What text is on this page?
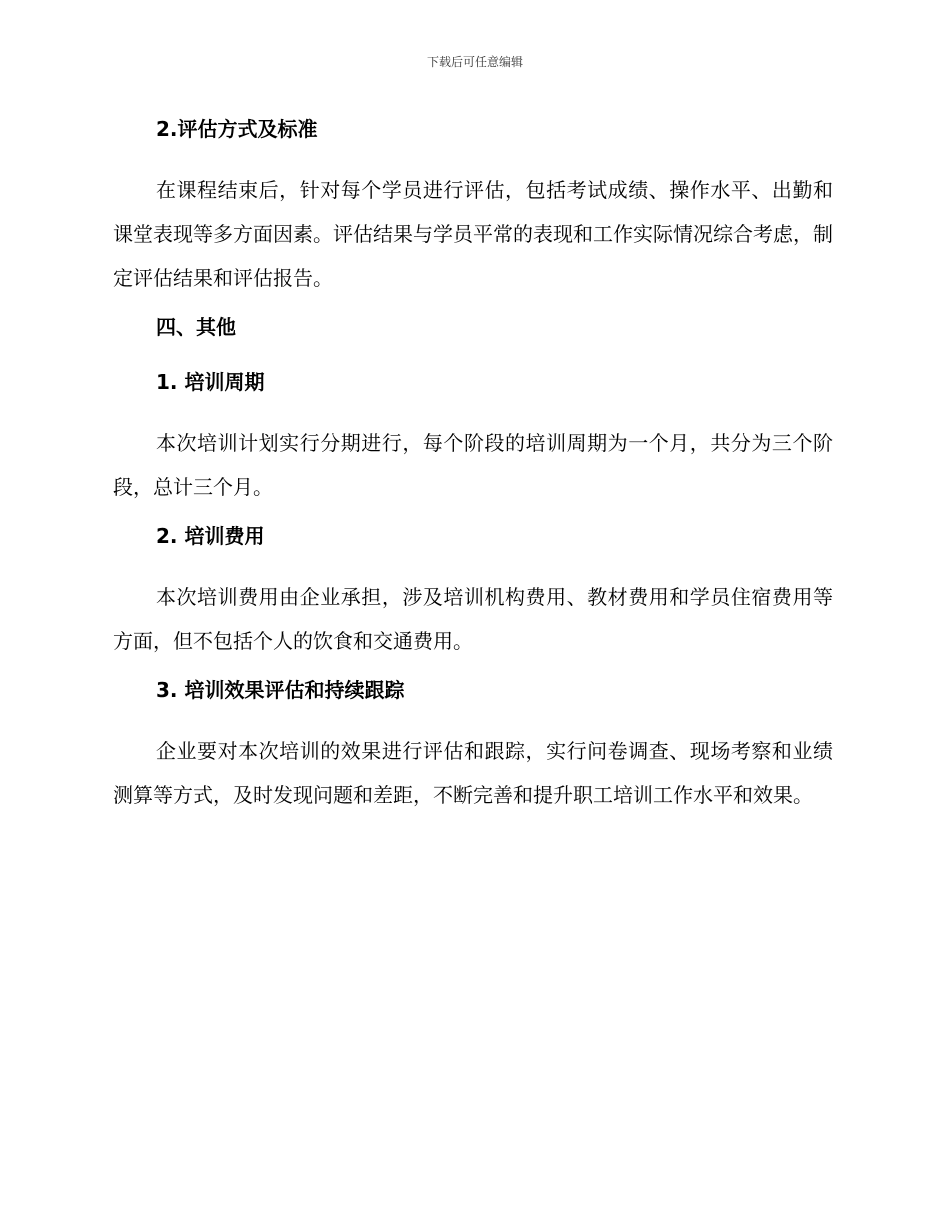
下载后可任意编辑
2.评估方式及标准

在课程结束后，针对每个学员进行评估，包括考试成绩、操作水平、出勤和课堂表现等多方面因素。评估结果与学员平常的表现和工作实际情况综合考虑，制定评估结果和评估报告。

四、其他
1. 培训周期

本次培训计划实行分期进行，每个阶段的培训周期为一个月，共分为三个阶段，总计三个月。

2. 培训费用

本次培训费用由企业承担，涉及培训机构费用、教材费用和学员住宿费用等方面，但不包括个人的饮食和交通费用。

3. 培训效果评估和持续跟踪

企业要对本次培训的效果进行评估和跟踪，实行问卷调查、现场考察和业绩测算等方式，及时发现问题和差距，不断完善和提升职工培训工作水平和效果。
